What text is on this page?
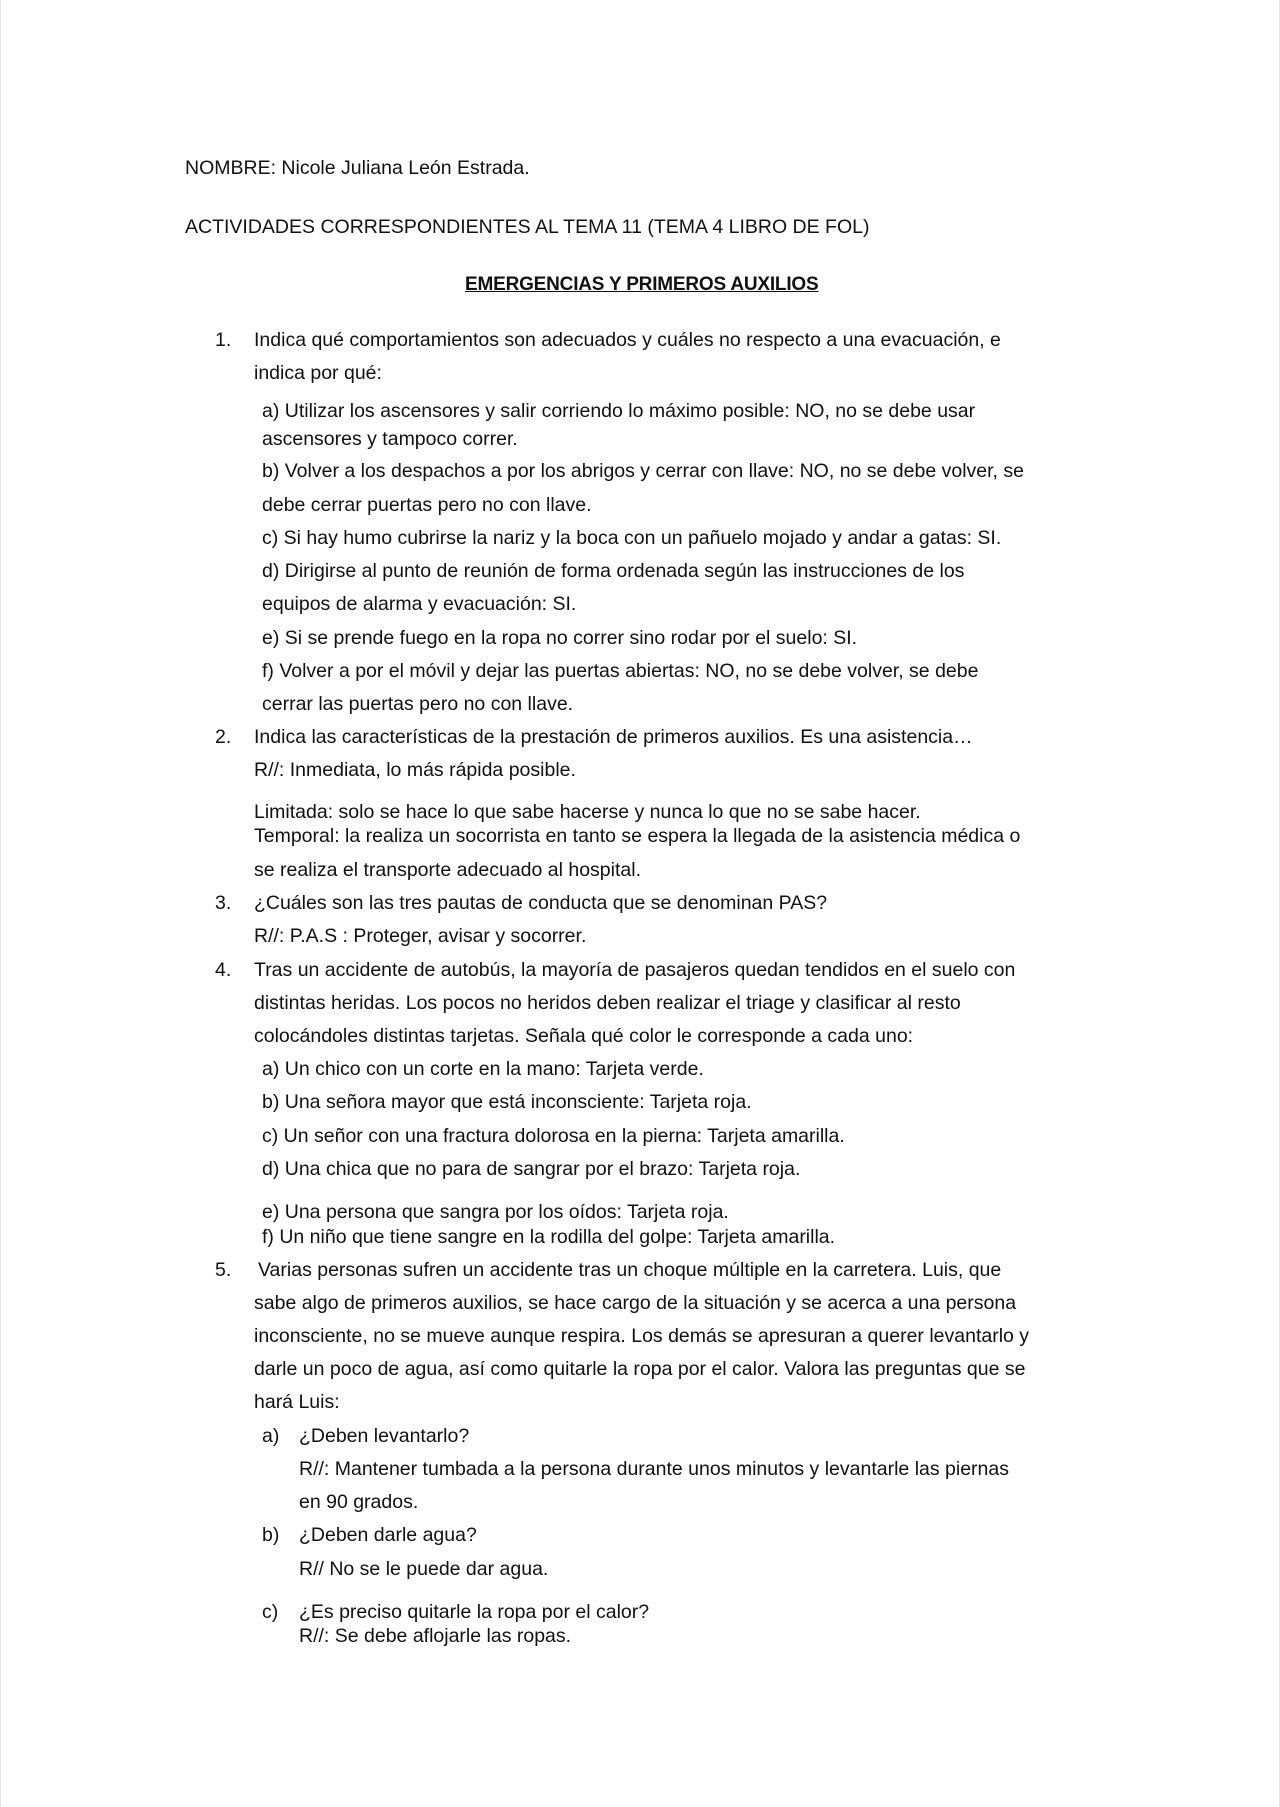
NOMBRE: Nicole Juliana León Estrada.
ACTIVIDADES CORRESPONDIENTES AL TEMA 11 (TEMA 4 LIBRO DE FOL)
EMERGENCIAS Y PRIMEROS AUXILIOS
1. Indica qué comportamientos son adecuados y cuáles no respecto a una evacuación, e
indica por qué:
a) Utilizar los ascensores y salir corriendo lo máximo posible: NO, no se debe usar
ascensores y tampoco correr.
b) Volver a los despachos a por los abrigos y cerrar con llave: NO, no se debe volver, se
debe cerrar puertas pero no con llave.
c) Si hay humo cubrirse la nariz y la boca con un pañuelo mojado y andar a gatas: SI.
d) Dirigirse al punto de reunión de forma ordenada según las instrucciones de los
equipos de alarma y evacuación: SI.
e) Si se prende fuego en la ropa no correr sino rodar por el suelo: SI.
f) Volver a por el móvil y dejar las puertas abiertas: NO, no se debe volver, se debe
cerrar las puertas pero no con llave.
2. Indica las características de la prestación de primeros auxilios. Es una asistencia…
R//: Inmediata, lo más rápida posible.
Limitada: solo se hace lo que sabe hacerse y nunca lo que no se sabe hacer.
Temporal: la realiza un socorrista en tanto se espera la llegada de la asistencia médica o
se realiza el transporte adecuado al hospital.
3. ¿Cuáles son las tres pautas de conducta que se denominan PAS?
R//: P.A.S : Proteger, avisar y socorrer.
4. Tras un accidente de autobús, la mayoría de pasajeros quedan tendidos en el suelo con
distintas heridas. Los pocos no heridos deben realizar el triage y clasificar al resto
colocándoles distintas tarjetas. Señala qué color le corresponde a cada uno:
a) Un chico con un corte en la mano: Tarjeta verde.
b) Una señora mayor que está inconsciente: Tarjeta roja.
c) Un señor con una fractura dolorosa en la pierna: Tarjeta amarilla.
d) Una chica que no para de sangrar por el brazo: Tarjeta roja.
e) Una persona que sangra por los oídos: Tarjeta roja.
f) Un niño que tiene sangre en la rodilla del golpe: Tarjeta amarilla.
5. Varias personas sufren un accidente tras un choque múltiple en la carretera. Luis, que
sabe algo de primeros auxilios, se hace cargo de la situación y se acerca a una persona
inconsciente, no se mueve aunque respira. Los demás se apresuran a querer levantarlo y
darle un poco de agua, así como quitarle la ropa por el calor. Valora las preguntas que se
hará Luis:
a) ¿Deben levantarlo?
R//: Mantener tumbada a la persona durante unos minutos y levantarle las piernas
en 90 grados.
b) ¿Deben darle agua?
R// No se le puede dar agua.
c) ¿Es preciso quitarle la ropa por el calor?
R//: Se debe aflojarle las ropas.
